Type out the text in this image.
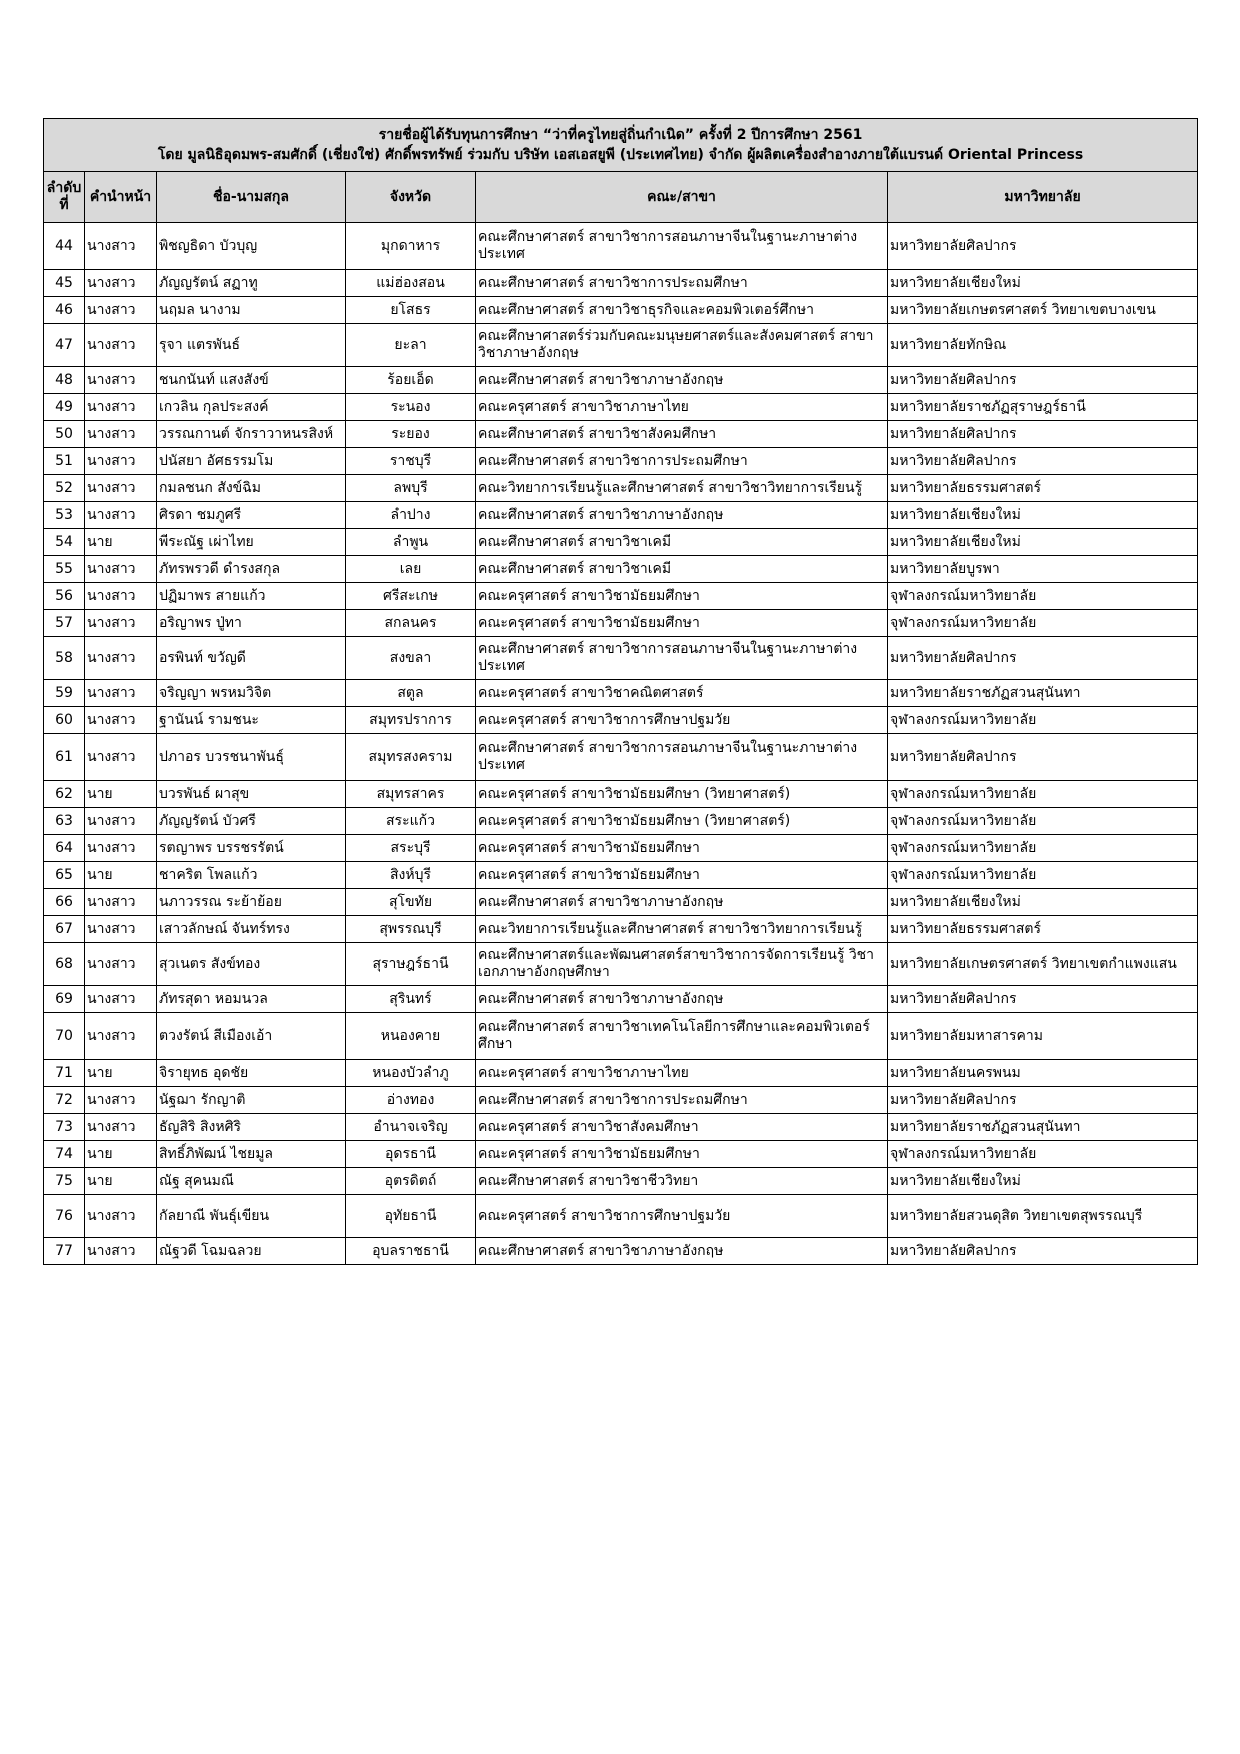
รายชื่อผู้ได้รับทุนการศึกษา “ว่าที่ครูไทยสู่ถิ่นกำเนิด” ครั้งที่ 2 ปีการศึกษา 2561
โดย มูลนิธิอุดมพร-สมศักดิ์ (เชี่ยงใช่) ศักดิ์พรทรัพย์ ร่วมกับ บริษัท เอสเอสยูพี (ประเทศไทย) จำกัด ผู้ผลิตเครื่องสำอางภายใต้แบรนด์ Oriental Princess					

ลำดับที่	คำนำหน้า	ชื่อ-นามสกุล	จังหวัด	คณะ/สาขา	มหาวิทยาลัย
44	นางสาว	พิชญธิดา บัวบุญ	มุกดาหาร	คณะศึกษาศาสตร์ สาขาวิชาการสอนภาษาจีนในฐานะภาษาต่างประเทศ	มหาวิทยาลัยศิลปากร
45	นางสาว	ภัญญรัตน์ สฏาทู	แม่ฮ่องสอน	คณะศึกษาศาสตร์ สาขาวิชาการประถมศึกษา	มหาวิทยาลัยเชียงใหม่
46	นางสาว	นฤมล นางาม	ยโสธร	คณะศึกษาศาสตร์ สาขาวิชาธุรกิจและคอมพิวเตอร์ศึกษา	มหาวิทยาลัยเกษตรศาสตร์ วิทยาเขตบางเขน
47	นางสาว	รุจา แตรพันธ์	ยะลา	คณะศึกษาศาสตร์ร่วมกับคณะมนุษยศาสตร์และสังคมศาสตร์ สาขาวิชาภาษาอังกฤษ	มหาวิทยาลัยทักษิณ
48	นางสาว	ชนกนันท์ แสงสังข์	ร้อยเอ็ด	คณะศึกษาศาสตร์ สาขาวิชาภาษาอังกฤษ	มหาวิทยาลัยศิลปากร
49	นางสาว	เกวลิน กุลประสงค์	ระนอง	คณะครุศาสตร์ สาขาวิชาภาษาไทย	มหาวิทยาลัยราชภัฏสุราษฎร์ธานี
50	นางสาว	วรรณกานต์ จักราวาหนรสิงห์	ระยอง	คณะศึกษาศาสตร์ สาขาวิชาสังคมศึกษา	มหาวิทยาลัยศิลปากร
51	นางสาว	ปนัสยา อัศธรรมโม	ราชบุรี	คณะศึกษาศาสตร์ สาขาวิชาการประถมศึกษา	มหาวิทยาลัยศิลปากร
52	นางสาว	กมลชนก สังข์ฉิม	ลพบุรี	คณะวิทยาการเรียนรู้และศึกษาศาสตร์ สาขาวิชาวิทยาการเรียนรู้	มหาวิทยาลัยธรรมศาสตร์
53	นางสาว	ศิรดา ชมภูศรี	ลำปาง	คณะศึกษาศาสตร์ สาขาวิชาภาษาอังกฤษ	มหาวิทยาลัยเชียงใหม่
54	นาย	พีระณัฐ เผ่าไทย	ลำพูน	คณะศึกษาศาสตร์ สาขาวิชาเคมี	มหาวิทยาลัยเชียงใหม่
55	นางสาว	ภัทรพรวดี ดำรงสกุล	เลย	คณะศึกษาศาสตร์ สาขาวิชาเคมี	มหาวิทยาลัยบูรพา
56	นางสาว	ปฏิมาพร สายแก้ว	ศรีสะเกษ	คณะครุศาสตร์ สาขาวิชามัธยมศึกษา	จุฬาลงกรณ์มหาวิทยาลัย
57	นางสาว	อริญาพร ปู่ทา	สกลนคร	คณะครุศาสตร์ สาขาวิชามัธยมศึกษา	จุฬาลงกรณ์มหาวิทยาลัย
58	นางสาว	อรพินท์ ขวัญดี	สงขลา	คณะศึกษาศาสตร์ สาขาวิชาการสอนภาษาจีนในฐานะภาษาต่างประเทศ	มหาวิทยาลัยศิลปากร
59	นางสาว	จริญญา พรหมวิจิต	สตูล	คณะครุศาสตร์ สาขาวิชาคณิตศาสตร์	มหาวิทยาลัยราชภัฏสวนสุนันทา
60	นางสาว	ฐานันน์ รามชนะ	สมุทรปราการ	คณะครุศาสตร์ สาขาวิชาการศึกษาปฐมวัย	จุฬาลงกรณ์มหาวิทยาลัย
61	นางสาว	ปภาอร บวรชนาพันธุ์	สมุทรสงคราม	คณะศึกษาศาสตร์ สาขาวิชาการสอนภาษาจีนในฐานะภาษาต่างประเทศ	มหาวิทยาลัยศิลปากร
62	นาย	บวรพันธ์ ผาสุข	สมุทรสาคร	คณะครุศาสตร์ สาขาวิชามัธยมศึกษา (วิทยาศาสตร์)	จุฬาลงกรณ์มหาวิทยาลัย
63	นางสาว	ภัญญรัตน์ บัวศรี	สระแก้ว	คณะครุศาสตร์ สาขาวิชามัธยมศึกษา (วิทยาศาสตร์)	จุฬาลงกรณ์มหาวิทยาลัย
64	นางสาว	รตญาพร บรรชรรัตน์	สระบุรี	คณะครุศาสตร์ สาขาวิชามัธยมศึกษา	จุฬาลงกรณ์มหาวิทยาลัย
65	นาย	ชาคริต โพลแก้ว	สิงห์บุรี	คณะครุศาสตร์ สาขาวิชามัธยมศึกษา	จุฬาลงกรณ์มหาวิทยาลัย
66	นางสาว	นภาวรรณ ระย้าย้อย	สุโขทัย	คณะศึกษาศาสตร์ สาขาวิชาภาษาอังกฤษ	มหาวิทยาลัยเชียงใหม่
67	นางสาว	เสาวลักษณ์ จันทร์ทรง	สุพรรณบุรี	คณะวิทยาการเรียนรู้และศึกษาศาสตร์ สาขาวิชาวิทยาการเรียนรู้	มหาวิทยาลัยธรรมศาสตร์
68	นางสาว	สุวเนตร สังข์ทอง	สุราษฎร์ธานี	คณะศึกษาศาสตร์และพัฒนศาสตร์สาขาวิชาการจัดการเรียนรู้ วิชาเอกภาษาอังกฤษศึกษา	มหาวิทยาลัยเกษตรศาสตร์ วิทยาเขตกำแพงแสน
69	นางสาว	ภัทรสุดา หอมนวล	สุรินทร์	คณะศึกษาศาสตร์ สาขาวิชาภาษาอังกฤษ	มหาวิทยาลัยศิลปากร
70	นางสาว	ตวงรัตน์ สีเมืองเอ้า	หนองคาย	คณะศึกษาศาสตร์ สาขาวิชาเทคโนโลยีการศึกษาและคอมพิวเตอร์ศึกษา	มหาวิทยาลัยมหาสารคาม
71	นาย	จิรายุทธ อุดชัย	หนองบัวลำภู	คณะครุศาสตร์ สาขาวิชาภาษาไทย	มหาวิทยาลัยนครพนม
72	นางสาว	นัฐฌา รักญาติ	อ่างทอง	คณะศึกษาศาสตร์ สาขาวิชาการประถมศึกษา	มหาวิทยาลัยศิลปากร
73	นางสาว	ธัญสิริ สิงหศิริ	อำนาจเจริญ	คณะครุศาสตร์ สาขาวิชาสังคมศึกษา	มหาวิทยาลัยราชภัฏสวนสุนันทา
74	นาย	สิทธิ์ภิพัฒน์ ไชยมูล	อุดรธานี	คณะครุศาสตร์ สาขาวิชามัธยมศึกษา	จุฬาลงกรณ์มหาวิทยาลัย
75	นาย	ณัฐ สุคนมณี	อุตรดิตถ์	คณะศึกษาศาสตร์ สาขาวิชาชีววิทยา	มหาวิทยาลัยเชียงใหม่
76	นางสาว	กัลยาณี พันธุ์เขียน	อุทัยธานี	คณะครุศาสตร์ สาขาวิชาการศึกษาปฐมวัย	มหาวิทยาลัยสวนดุสิต วิทยาเขตสุพรรณบุรี
77	นางสาว	ณัฐวดี โฉมฉลวย	อุบลราชธานี	คณะศึกษาศาสตร์ สาขาวิชาภาษาอังกฤษ	มหาวิทยาลัยศิลปากร
